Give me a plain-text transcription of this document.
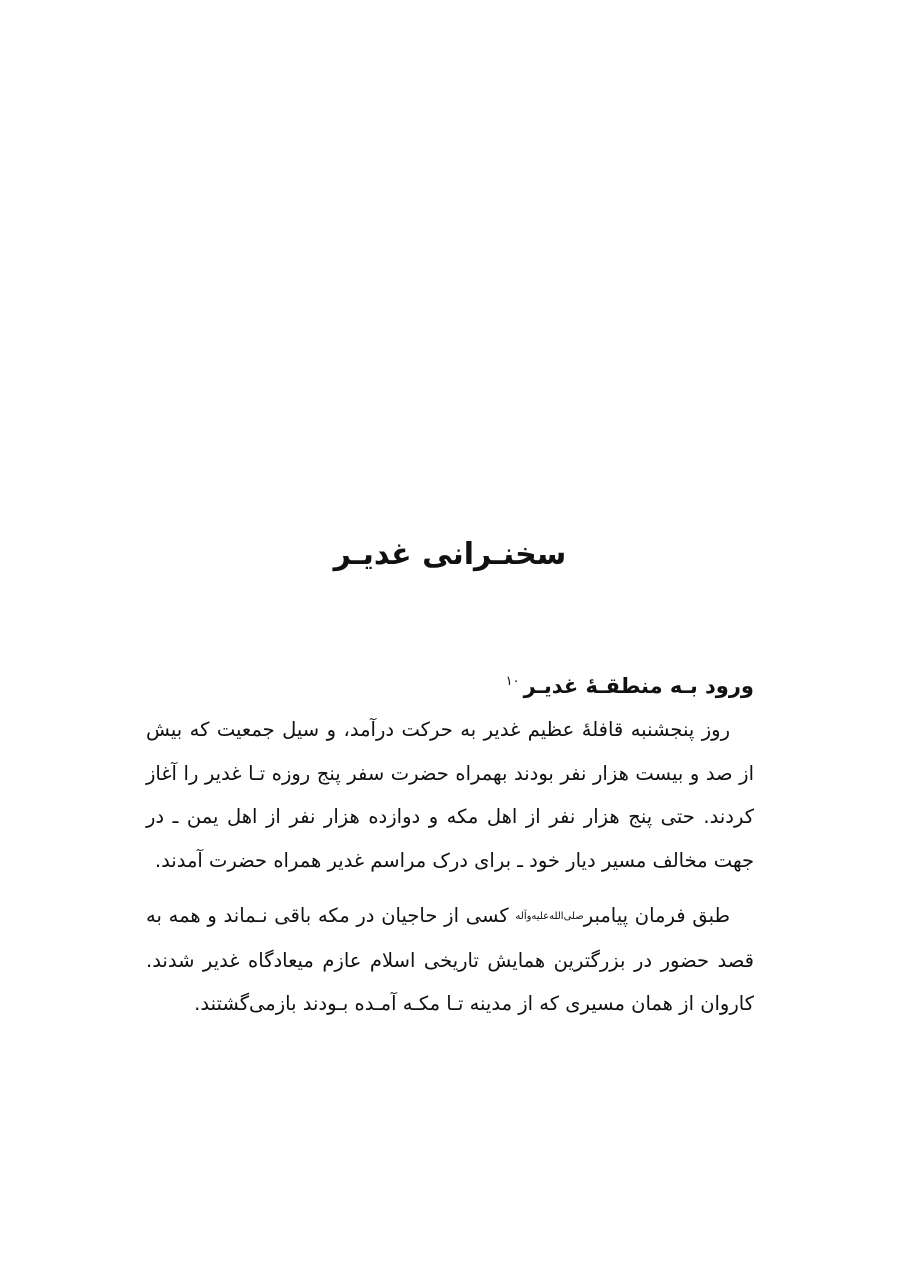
سخنـرانی غدیـر
ورود بـه منطقـۀ غدیـر$^{۱۰}$

روز پنجشنبه قافلۀ عظیم غدیر به حرکت درآمد، و سیل جمعیت که بیش از صد و بیست هزار نفر بودند بهمراه حضرت سفر پنج روزه تـا غدیر را آغاز کردند. حتی پنج هزار نفر از اهل مکه و دوازده هزار نفر از اهل یمن ـ در جهت مخالف مسیر دیار خود ـ برای درک مراسم غدیر همراه حضرت آمدند.

طبق فرمان پیامبرصلی‌الله‌علیه‌وآله کسی از حاجیان در مکه باقی نـماند و همه به قصد حضور در بزرگترین همایش تاریخی اسلام عازم میعادگاه غدیر شدند. کاروان از همان مسیری که از مدینه تـا مکـه آمـده بـودند بازمی‌گشتند.
